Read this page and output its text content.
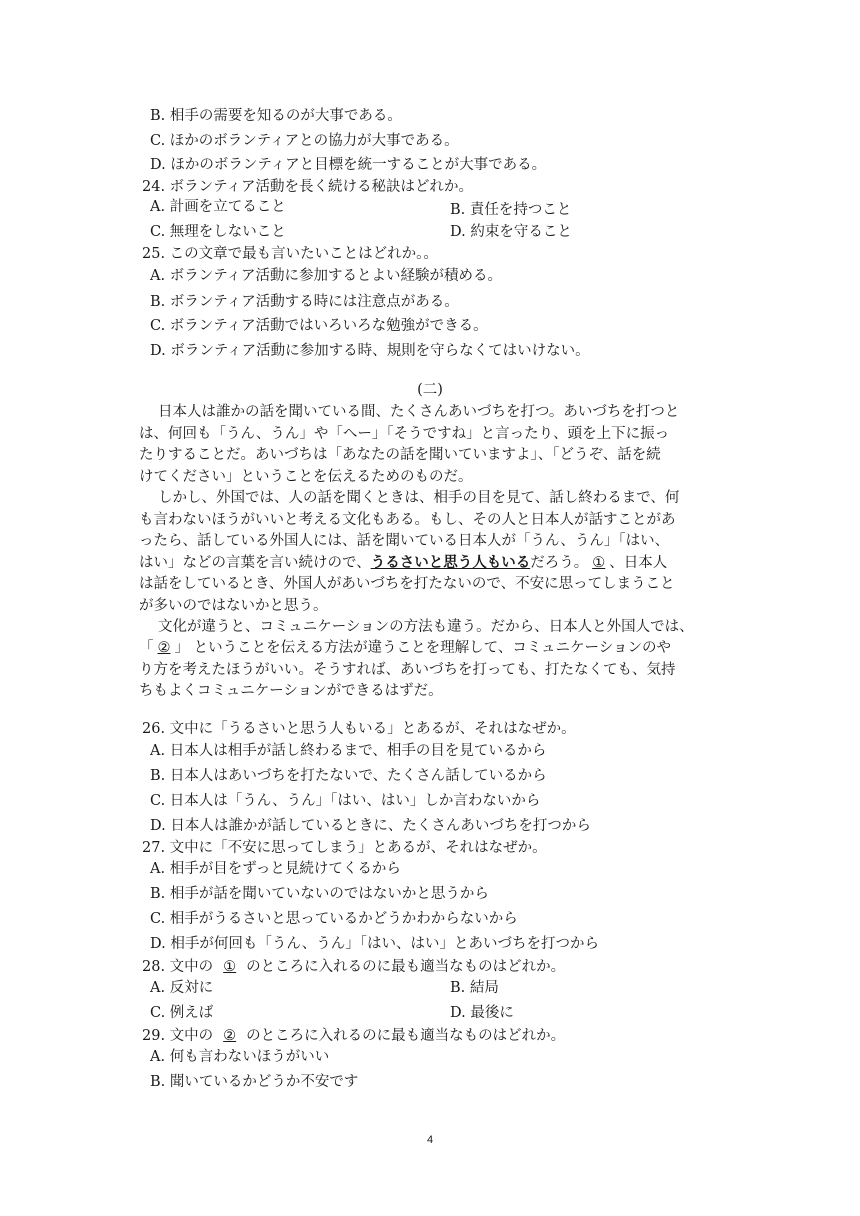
B. 相手の需要を知るのが大事である。
C. ほかのボランティアとの協力が大事である。
D. ほかのボランティアと目標を統一することが大事である。
24. ボランティア活動を長く続ける秘訣はどれか。
A. 計画を立てること	B. 責任を持つこと
C. 無理をしないこと	D. 約束を守ること
25. この文章で最も言いたいことはどれか。。
A. ボランティア活動に参加するとよい経験が積める。
B. ボランティア活動する時には注意点がある。
C. ボランティア活動ではいろいろな勉強ができる。
D. ボランティア活動に参加する時、規則を守らなくてはいけない。
(二)
日本人は誰かの話を聞いている間、たくさんあいづちを打つ。あいづちを打つと
は、何回も「うん、うん」や「へー」「そうですね」と言ったり、頭を上下に振っ
たりすることだ。あいづちは「あなたの話を聞いていますよ」、「どうぞ、話を続
けてください」ということを伝えるためのものだ。
しかし、外国では、人の話を聞くときは、相手の目を見て、話し終わるまで、何
も言わないほうがいいと考える文化もある。もし、その人と日本人が話すことがあ
ったら、話している外国人には、話を聞いている日本人が「うん、うん」「はい、
はい」などの言葉を言い続けので、うるさいと思う人もいるだろう。 ① 、日本人
は話をしているとき、外国人があいづちを打たないので、不安に思ってしまうこと
が多いのではないかと思う。
文化が違うと、コミュニケーションの方法も違う。だから、日本人と外国人では、
「 ② 」 ということを伝える方法が違うことを理解して、コミュニケーションのや
り方を考えたほうがいい。そうすれば、あいづちを打っても、打たなくても、気持
ちもよくコミュニケーションができるはずだ。
26. 文中に「うるさいと思う人もいる」とあるが、それはなぜか。
A. 日本人は相手が話し終わるまで、相手の目を見ているから
B. 日本人はあいづちを打たないで、たくさん話しているから
C. 日本人は「うん、うん」「はい、はい」しか言わないから
D. 日本人は誰かが話しているときに、たくさんあいづちを打つから
27. 文中に「不安に思ってしまう」とあるが、それはなぜか。
A. 相手が目をずっと見続けてくるから
B. 相手が話を聞いていないのではないかと思うから
C. 相手がうるさいと思っているかどうかわからないから
D. 相手が何回も「うん、うん」「はい、はい」とあいづちを打つから
28. 文中の ① のところに入れるのに最も適当なものはどれか。
A. 反対に	B. 結局
C. 例えば	D. 最後に
29. 文中の ② のところに入れるのに最も適当なものはどれか。
A. 何も言わないほうがいい
B. 聞いているかどうか不安です
4
